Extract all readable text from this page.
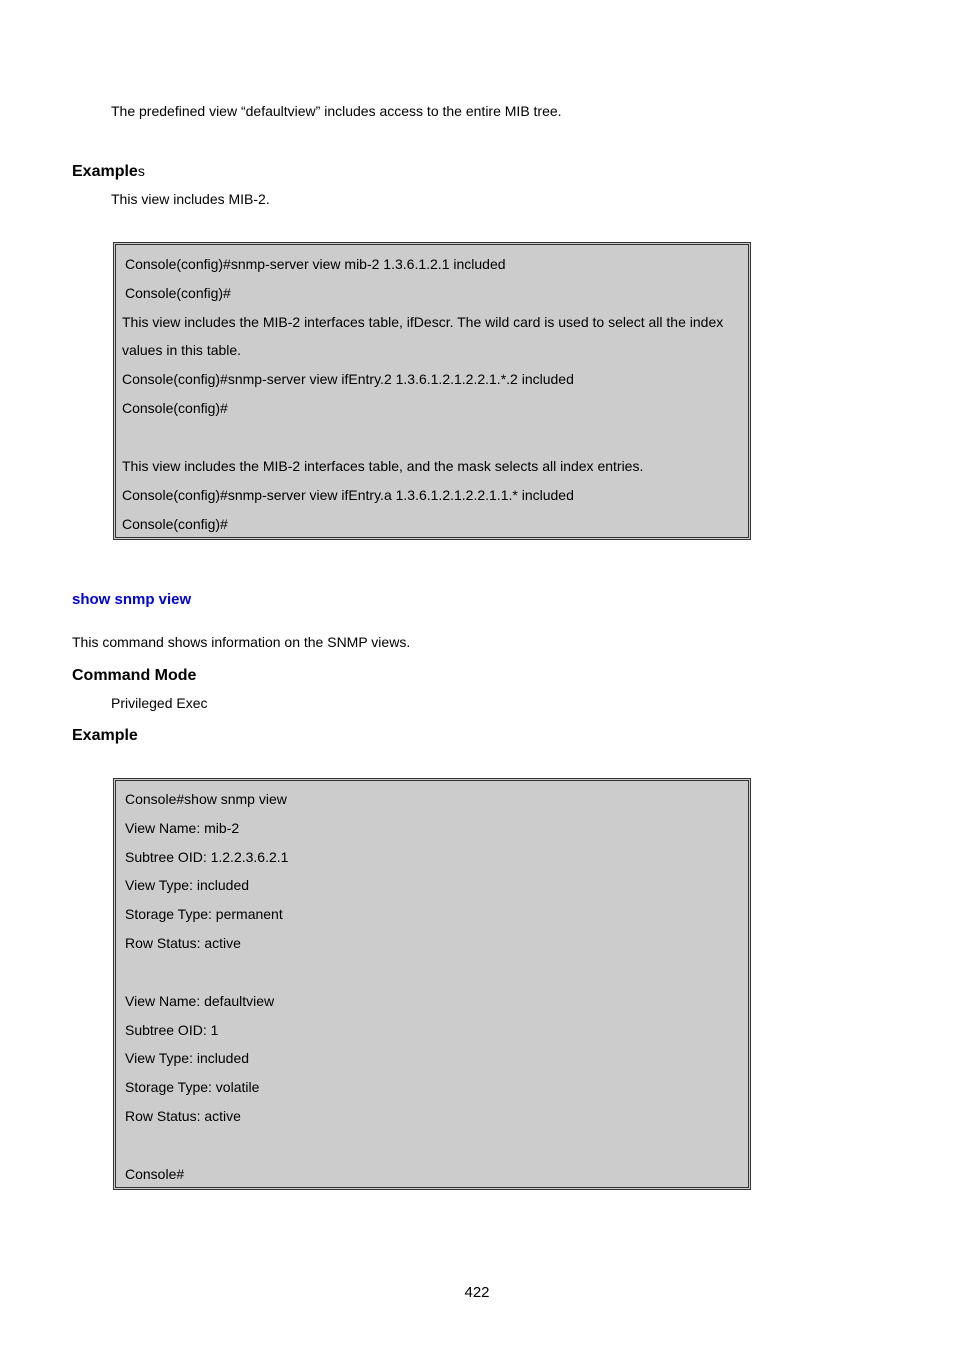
The predefined view “defaultview” includes access to the entire MIB tree.
Examples
This view includes MIB-2.
Console(config)#snmp-server view mib-2 1.3.6.1.2.1 included
Console(config)#
This view includes the MIB-2 interfaces table, ifDescr. The wild card is used to select all the index
values in this table.
Console(config)#snmp-server view ifEntry.2 1.3.6.1.2.1.2.2.1.*.2 included
Console(config)#
This view includes the MIB-2 interfaces table, and the mask selects all index entries.
Console(config)#snmp-server view ifEntry.a 1.3.6.1.2.1.2.2.1.1.* included
Console(config)#
show snmp view
This command shows information on the SNMP views.
Command Mode
Privileged Exec
Example
Console#show snmp view
View Name: mib-2
Subtree OID: 1.2.2.3.6.2.1
View Type: included
Storage Type: permanent
Row Status: active
View Name: defaultview
Subtree OID: 1
View Type: included
Storage Type: volatile
Row Status: active
Console#
422
